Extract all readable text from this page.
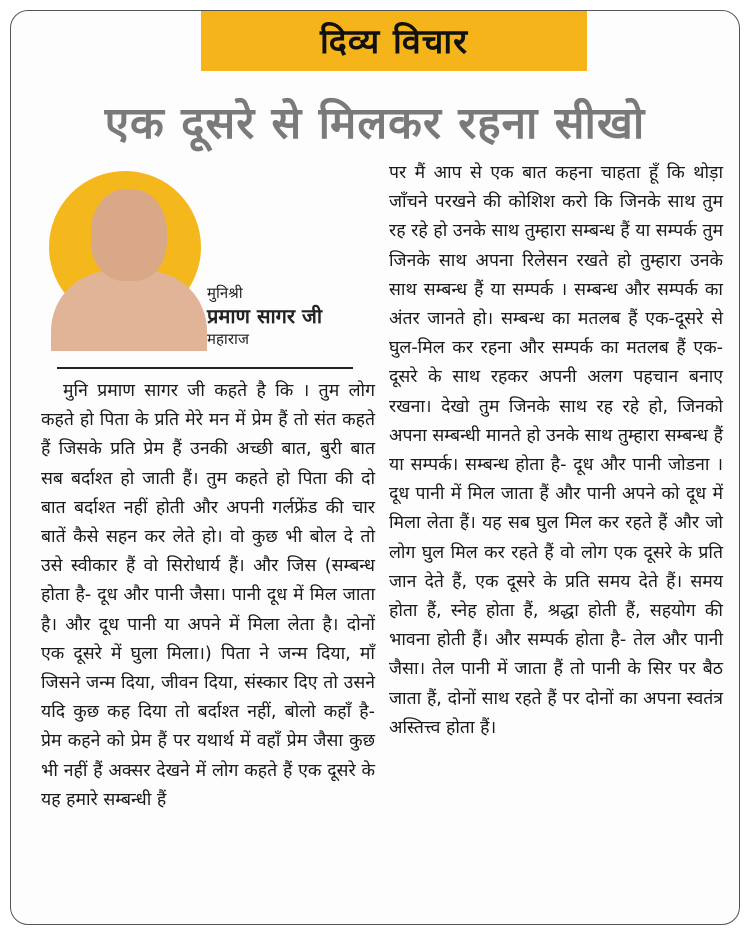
दिव्य विचार
एक दूसरे से मिलकर रहना सीखो
मुनिश्री
प्रमाण सागर जी
महाराज
मुनि प्रमाण सागर जी कहते है कि । तुम लोग कहते हो पिता के प्रति मेरे मन में प्रेम हैं तो संत कहते हैं जिसके प्रति प्रेम हैं उनकी अच्छी बात, बुरी बात सब बर्दाश्त हो जाती हैं। तुम कहते हो पिता की दो बात बर्दाश्त नहीं होती और अपनी गर्लफ्रेंड की चार बातें कैसे सहन कर लेते हो। वो कुछ भी बोल दे तो उसे स्वीकार हैं वो सिरोधार्य हैं। और जिस (सम्बन्ध होता है- दूध और पानी जैसा। पानी दूध में मिल जाता है। और दूध पानी या अपने में मिला लेता है। दोनों एक दूसरे में घुला मिला।) पिता ने जन्म दिया, माँ जिसने जन्म दिया, जीवन दिया, संस्कार दिए तो उसने यदि कुछ कह दिया तो बर्दाश्त नहीं, बोलो कहाँ है- प्रेम कहने को प्रेम हैं पर यथार्थ में वहाँ प्रेम जैसा कुछ भी नहीं हैं अक्सर देखने में लोग कहते हैं एक दूसरे के यह हमारे सम्बन्धी हैं
पर मैं आप से एक बात कहना चाहता हूँ कि थोड़ा जाँचने परखने की कोशिश करो कि जिनके साथ तुम रह रहे हो उनके साथ तुम्हारा सम्बन्ध हैं या सम्पर्क तुम जिनके साथ अपना रिलेसन रखते हो तुम्हारा उनके साथ सम्बन्ध हैं या सम्पर्क । सम्बन्ध और सम्पर्क का अंतर जानते हो। सम्बन्ध का मतलब हैं एक-दूसरे से घुल-मिल कर रहना और सम्पर्क का मतलब हैं एक-दूसरे के साथ रहकर अपनी अलग पहचान बनाए रखना। देखो तुम जिनके साथ रह रहे हो, जिनको अपना सम्बन्धी मानते हो उनके साथ तुम्हारा सम्बन्ध हैं या सम्पर्क। सम्बन्ध होता है- दूध और पानी जोडना । दूध पानी में मिल जाता हैं और पानी अपने को दूध में मिला लेता हैं। यह सब घुल मिल कर रहते हैं और जो लोग घुल मिल कर रहते हैं वो लोग एक दूसरे के प्रति जान देते हैं, एक दूसरे के प्रति समय देते हैं। समय होता हैं, स्नेह होता हैं, श्रद्धा होती हैं, सहयोग की भावना होती हैं। और सम्पर्क होता है- तेल और पानी जैसा। तेल पानी में जाता हैं तो पानी के सिर पर बैठ जाता हैं, दोनों साथ रहते हैं पर दोनों का अपना स्वतंत्र अस्तित्त्व होता हैं।
